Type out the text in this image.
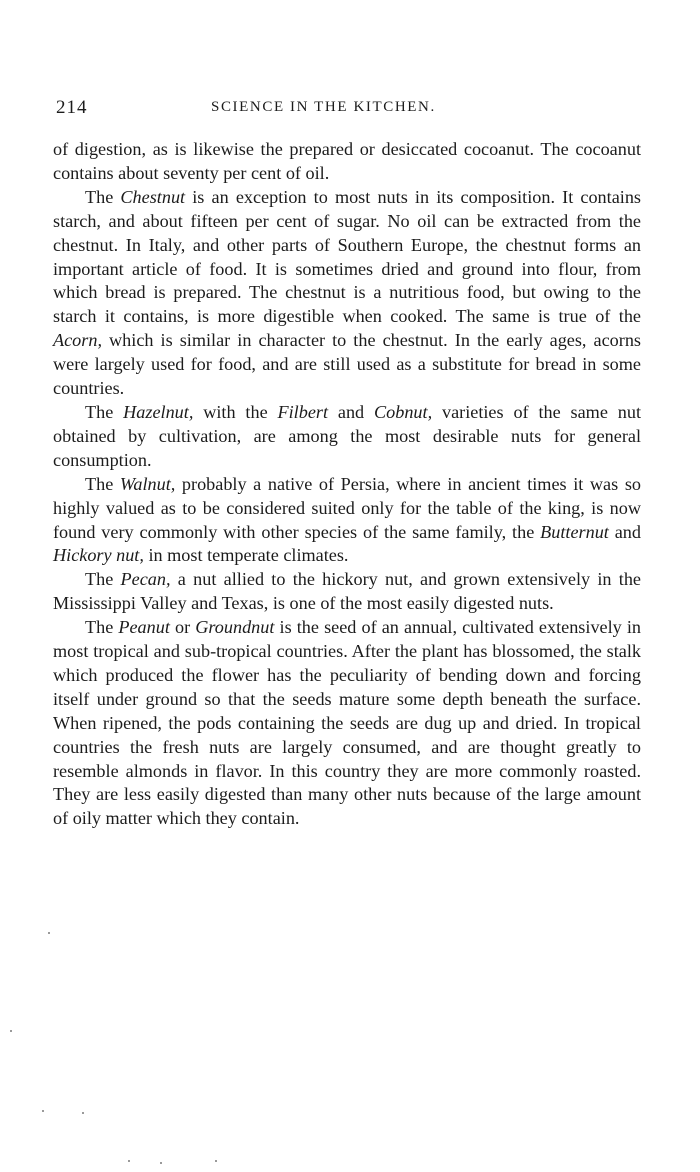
214	SCIENCE IN THE KITCHEN.

of digestion, as is likewise the prepared or desiccated cocoanut. The cocoanut contains about seventy per cent of oil.

The Chestnut is an exception to most nuts in its composition. It contains starch, and about fifteen per cent of sugar. No oil can be extracted from the chestnut. In Italy, and other parts of Southern Europe, the chestnut forms an important article of food. It is sometimes dried and ground into flour, from which bread is prepared. The chestnut is a nutritious food, but owing to the starch it contains, is more digestible when cooked. The same is true of the Acorn, which is similar in character to the chestnut. In the early ages, acorns were largely used for food, and are still used as a substitute for bread in some countries.

The Hazelnut, with the Filbert and Cobnut, varieties of the same nut obtained by cultivation, are among the most desirable nuts for general consumption.

The Walnut, probably a native of Persia, where in ancient times it was so highly valued as to be considered suited only for the table of the king, is now found very commonly with other species of the same family, the Butternut and Hickory nut, in most temperate climates.

The Pecan, a nut allied to the hickory nut, and grown extensively in the Mississippi Valley and Texas, is one of the most easily digested nuts.

The Peanut or Groundnut is the seed of an annual, cultivated extensively in most tropical and sub-tropical countries. After the plant has blossomed, the stalk which produced the flower has the peculiarity of bending down and forcing itself under ground so that the seeds mature some depth beneath the surface. When ripened, the pods containing the seeds are dug up and dried. In tropical countries the fresh nuts are largely consumed, and are thought greatly to resemble almonds in flavor. In this country they are more commonly roasted. They are less easily digested than many other nuts because of the large amount of oily matter which they contain.
